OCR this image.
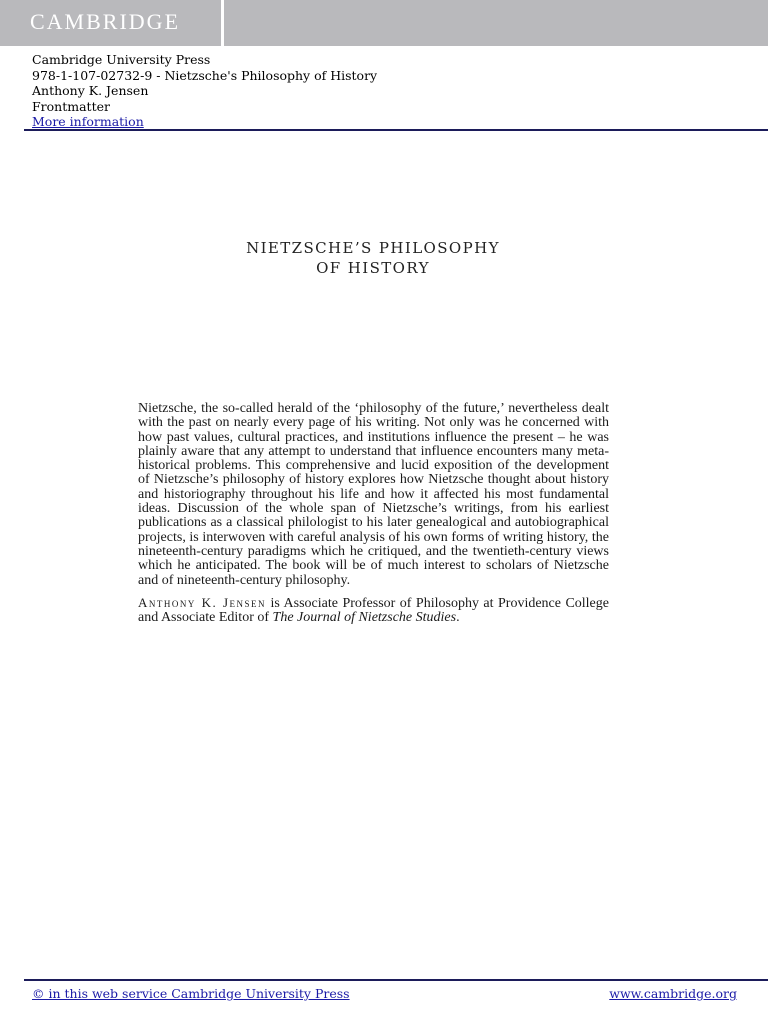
CAMBRIDGE
Cambridge University Press
978-1-107-02732-9 - Nietzsche's Philosophy of History
Anthony K. Jensen
Frontmatter
More information
NIETZSCHE’S PHILOSOPHY
OF HISTORY

Nietzsche, the so-called herald of the ‘philosophy of the future,’ nevertheless dealt with the past on nearly every page of his writing. Not only was he concerned with how past values, cultural practices, and institutions influence the present – he was plainly aware that any attempt to understand that influence encounters many meta-historical problems. This comprehensive and lucid exposition of the development of Nietzsche’s philosophy of history explores how Nietzsche thought about history and historiography throughout his life and how it affected his most fundamental ideas. Discussion of the whole span of Nietzsche’s writings, from his earliest publications as a classical philologist to his later genealogical and autobiographical projects, is interwoven with careful analysis of his own forms of writing history, the nineteenth-century paradigms which he critiqued, and the twentieth-century views which he anticipated. The book will be of much interest to scholars of Nietzsche and of nineteenth-century philosophy.

Anthony K. Jensen is Associate Professor of Philosophy at Providence College and Associate Editor of The Journal of Nietzsche Studies.

© in this web service Cambridge University Press	www.cambridge.org
